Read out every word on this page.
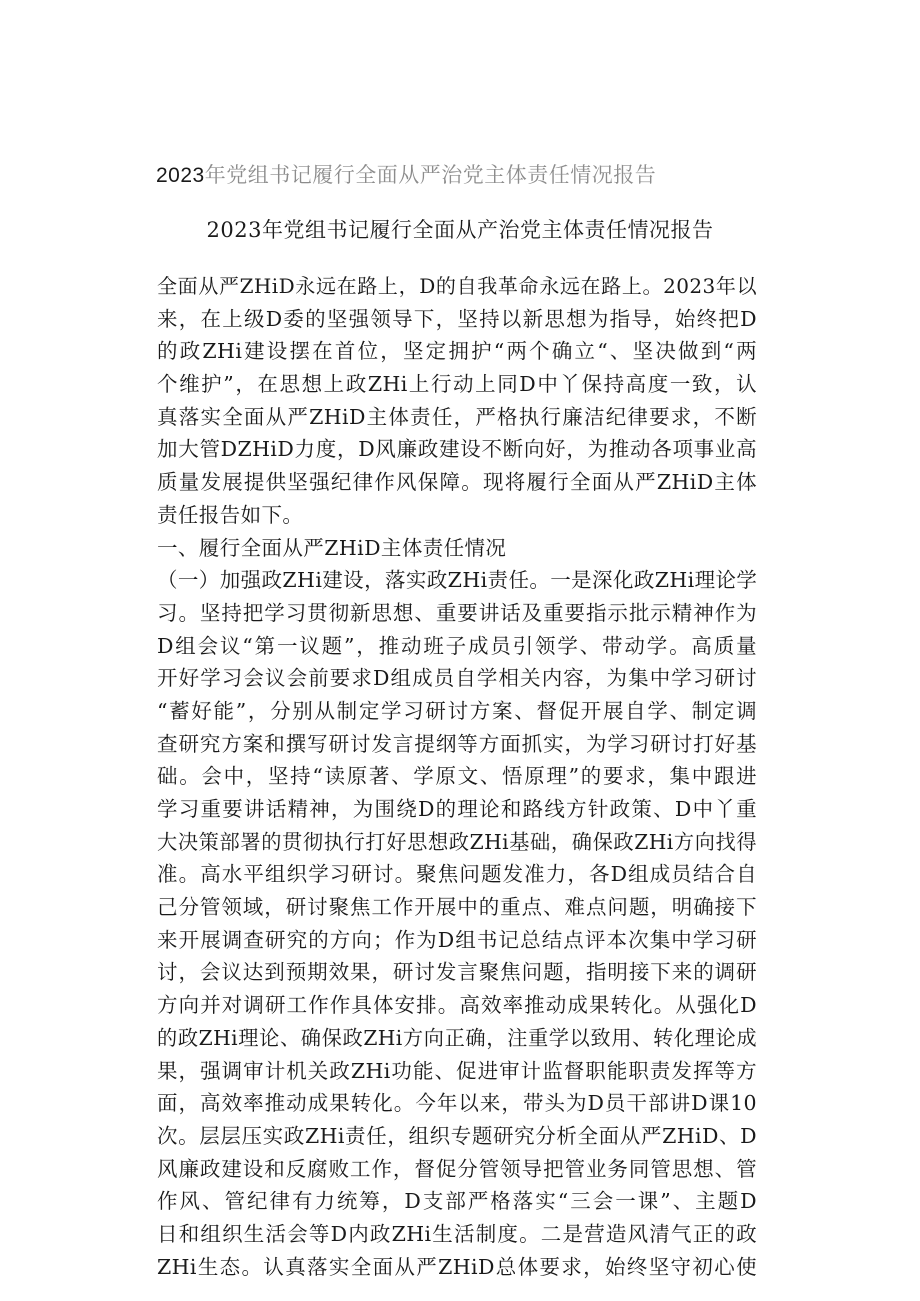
2023年党组书记履行全面从严治党主体责任情况报告
2023年党组书记履行全面从产治党主体责任情况报告
全面从严ZHiD永远在路上，D的自我革命永远在路上。2023年以
来，在上级D委的坚强领导下，坚持以新思想为指导，始终把D
的政ZHi建设摆在首位，坚定拥护“两个确立“、坚决做到“两
个维护”，在思想上政ZHi上行动上同D中丫保持高度一致，认
真落实全面从严ZHiD主体责任，严格执行廉洁纪律要求，不断
加大管DZHiD力度，D风廉政建设不断向好，为推动各项事业高
质量发展提供坚强纪律作风保障。现将履行全面从严ZHiD主体
责任报告如下。
一、履行全面从严ZHiD主体责任情况
（一）加强政ZHi建设，落实政ZHi责任。一是深化政ZHi理论学
习。坚持把学习贯彻新思想、重要讲话及重要指示批示精神作为
D组会议“第一议题”，推动班子成员引领学、带动学。高质量
开好学习会议会前要求D组成员自学相关内容，为集中学习研讨
“蓄好能”，分别从制定学习研讨方案、督促开展自学、制定调
查研究方案和撰写研讨发言提纲等方面抓实，为学习研讨打好基
础。会中，坚持“读原著、学原文、悟原理”的要求，集中跟进
学习重要讲话精神，为围绕D的理论和路线方针政策、D中丫重
大决策部署的贯彻执行打好思想政ZHi基础，确保政ZHi方向找得
准。高水平组织学习研讨。聚焦问题发准力，各D组成员结合自
己分管领域，研讨聚焦工作开展中的重点、难点问题，明确接下
来开展调查研究的方向；作为D组书记总结点评本次集中学习研
讨，会议达到预期效果，研讨发言聚焦问题，指明接下来的调研
方向并对调研工作作具体安排。高效率推动成果转化。从强化D
的政ZHi理论、确保政ZHi方向正确，注重学以致用、转化理论成
果，强调审计机关政ZHi功能、促进审计监督职能职责发挥等方
面，高效率推动成果转化。今年以来，带头为D员干部讲D课10
次。层层压实政ZHi责任，组织专题研究分析全面从严ZHiD、D
风廉政建设和反腐败工作，督促分管领导把管业务同管思想、管
作风、管纪律有力统筹，D支部严格落实“三会一课”、主题D
日和组织生活会等D内政ZHi生活制度。二是营造风清气正的政
ZHi生态。认真落实全面从严ZHiD总体要求，始终坚守初心使
